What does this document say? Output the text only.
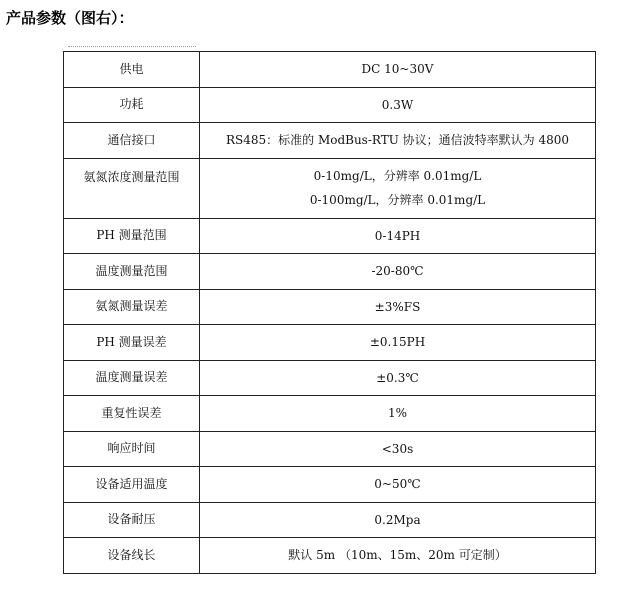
产品参数（图右）：
供电	DC 10~30V

功耗	0.3W

通信接口	RS485：标准的 ModBus-RTU 协议；通信波特率默认为 4800

氨氮浓度测量范围	0-10mg/L，分辨率 0.01mg/L
0-100mg/L，分辨率 0.01mg/L

PH 测量范围	0-14PH

温度测量范围	-20-80℃

氨氮测量误差	±3%FS

PH 测量误差	±0.15PH

温度测量误差	±0.3℃

重复性误差	1%

响应时间	<30s

设备适用温度	0~50℃

设备耐压	0.2Mpa

设备线长	默认 5m （10m、15m、20m 可定制）
